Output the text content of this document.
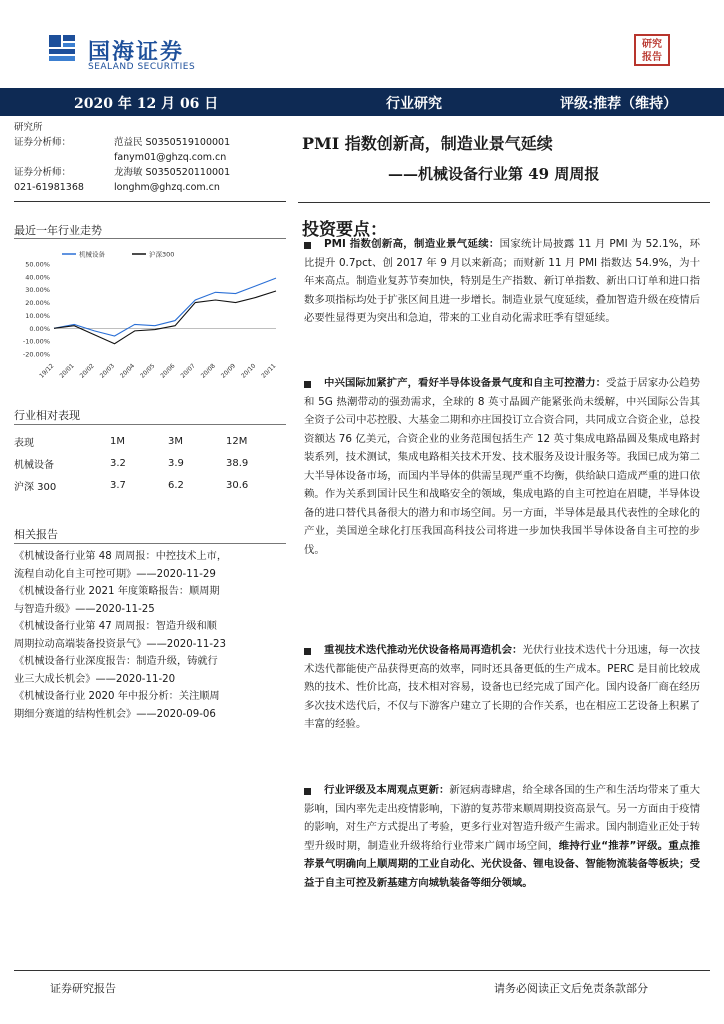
国海证券
SEALAND SECURITIES
研究
报告
2020 年 12 月 06 日	行业研究	评级:推荐（维持）
研究所
证券分析师：	范益民 S0350519100001
fanym01@ghzq.com.cn
证券分析师：	龙海敏 S0350520110001
021-61981368	longhm@ghzq.com.cn
PMI 指数创新高，制造业景气延续
——机械设备行业第 49 周周报
最近一年行业走势
50.00%
40.00%
30.00%
20.00%
10.00%
0.00%
-10.00%
-20.00%
19/12 20/01 20/02 20/03 20/04 20/05 20/06 20/07 20/08 20/09 20/10 20/11
机械设备	沪深300
行业相对表现
表现	1M	3M	12M
机械设备	3.2	3.9	38.9
沪深 300	3.7	6.2	30.6
相关报告
《机械设备行业第 48 周周报：中控技术上市，
流程自动化自主可控可期》——2020-11-29
《机械设备行业 2021 年度策略报告：顺周期
与智造升级》——2020-11-25
《机械设备行业第 47 周周报：智造升级和顺
周期拉动高端装备投资景气》——2020-11-23
《机械设备行业深度报告：制造升级，铸就行
业三大成长机会》——2020-11-20
《机械设备行业 2020 年中报分析：关注顺周
期细分赛道的结构性机会》——2020-09-06
投资要点：
PMI 指数创新高，制造业景气延续：国家统计局披露 11 月 PMI 为 52.1%，环比提升 0.7pct、创 2017 年 9 月以来新高；而财新 11 月 PMI 指数达 54.9%，为十年来高点。制造业复苏节奏加快，特别是生产指数、新订单指数、新出口订单和进口指数多项指标均处于扩张区间且进一步增长。制造业景气度延续，叠加智造升级在疫情后必要性显得更为突出和急迫，带来的工业自动化需求旺季有望延续。
中兴国际加紧扩产，看好半导体设备景气度和自主可控潜力：受益于居家办公趋势和 5G 热潮带动的强劲需求，全球的 8 英寸晶圆产能紧张尚未缓解，中兴国际公告其全资子公司中芯控股、大基金二期和亦庄国投订立合资合同，共同成立合资企业，总投资额达 76 亿美元，合资企业的业务范围包括生产 12 英寸集成电路晶圆及集成电路封装系列，技术测试，集成电路相关技术开发、技术服务及设计服务等。我国已成为第二大半导体设备市场，而国内半导体的供需呈现严重不均衡，供给缺口造成严重的进口依赖。作为关系到国计民生和战略安全的领域，集成电路的自主可控迫在眉睫，半导体设备的进口替代具备很大的潜力和市场空间。另一方面，半导体是最具代表性的全球化的产业，美国逆全球化打压我国高科技公司将进一步加快我国半导体设备自主可控的步伐。
重视技术迭代推动光伏设备格局再造机会：光伏行业技术迭代十分迅速，每一次技术迭代都能使产品获得更高的效率，同时还具备更低的生产成本。PERC 是目前比较成熟的技术、性价比高，技术相对容易，设备也已经完成了国产化。国内设备厂商在经历多次技术迭代后，不仅与下游客户建立了长期的合作关系，也在相应工艺设备上积累了丰富的经验。
行业评级及本周观点更新：新冠病毒肆虐，给全球各国的生产和生活均带来了重大影响，国内率先走出疫情影响，下游的复苏带来顺周期投资高景气。另一方面由于疫情的影响，对生产方式提出了考验，更多行业对智造升级产生需求。国内制造业正处于转型升级时期，制造业升级将给行业带来广阔市场空间，维持行业“推荐”评级。重点推荐景气明确向上顺周期的工业自动化、光伏设备、锂电设备、智能物流装备等板块；受益于自主可控及新基建方向城轨装备等细分领域。
证券研究报告	请务必阅读正文后免责条款部分
